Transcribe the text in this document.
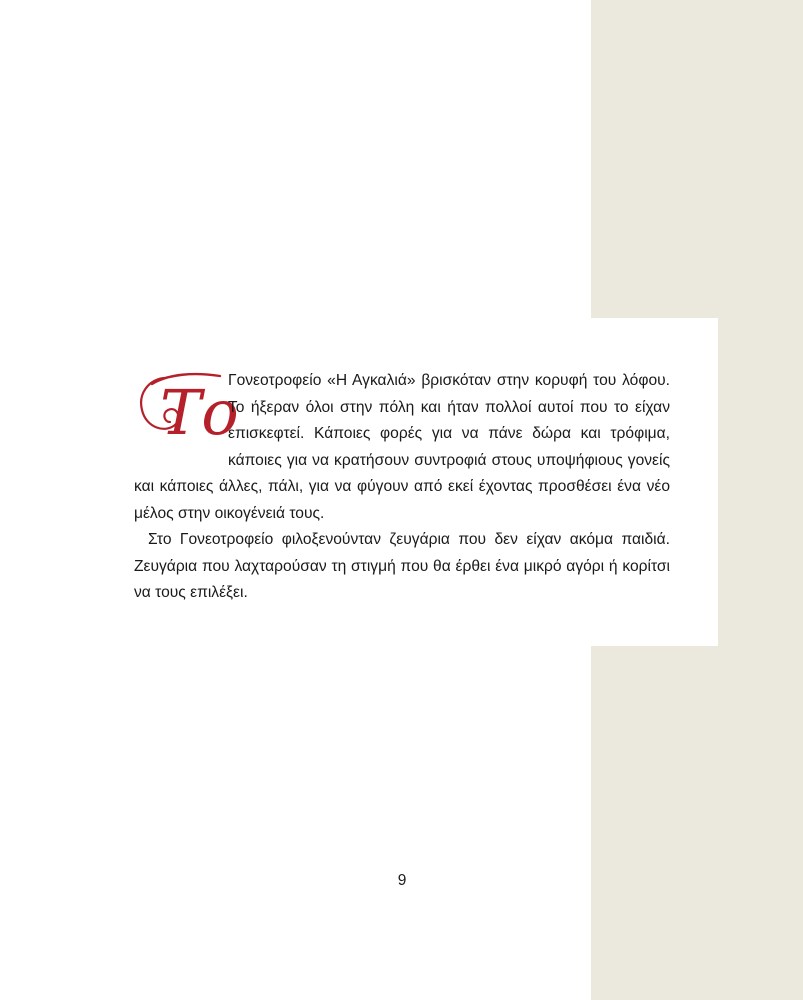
Το
Γονεοτροφείο «Η Αγκαλιά» βρισκόταν στην κορυφή του λόφου. Το ήξεραν όλοι στην πόλη και ήταν πολλοί αυτοί που το είχαν επισκεφτεί. Κάποιες φορές για να πάνε δώρα και τρόφιμα, κάποιες για να κρατήσουν συντροφιά στους υποψήφιους γονείς και κάποιες άλλες, πάλι, για να φύγουν από εκεί έχοντας προσθέσει ένα νέο μέλος στην οικογένειά τους.

Στο Γονεοτροφείο φιλοξενούνταν ζευγάρια που δεν είχαν ακόμα παιδιά. Ζευγάρια που λαχταρούσαν τη στιγμή που θα έρθει ένα μικρό αγόρι ή κορίτσι να τους επιλέξει.

9
